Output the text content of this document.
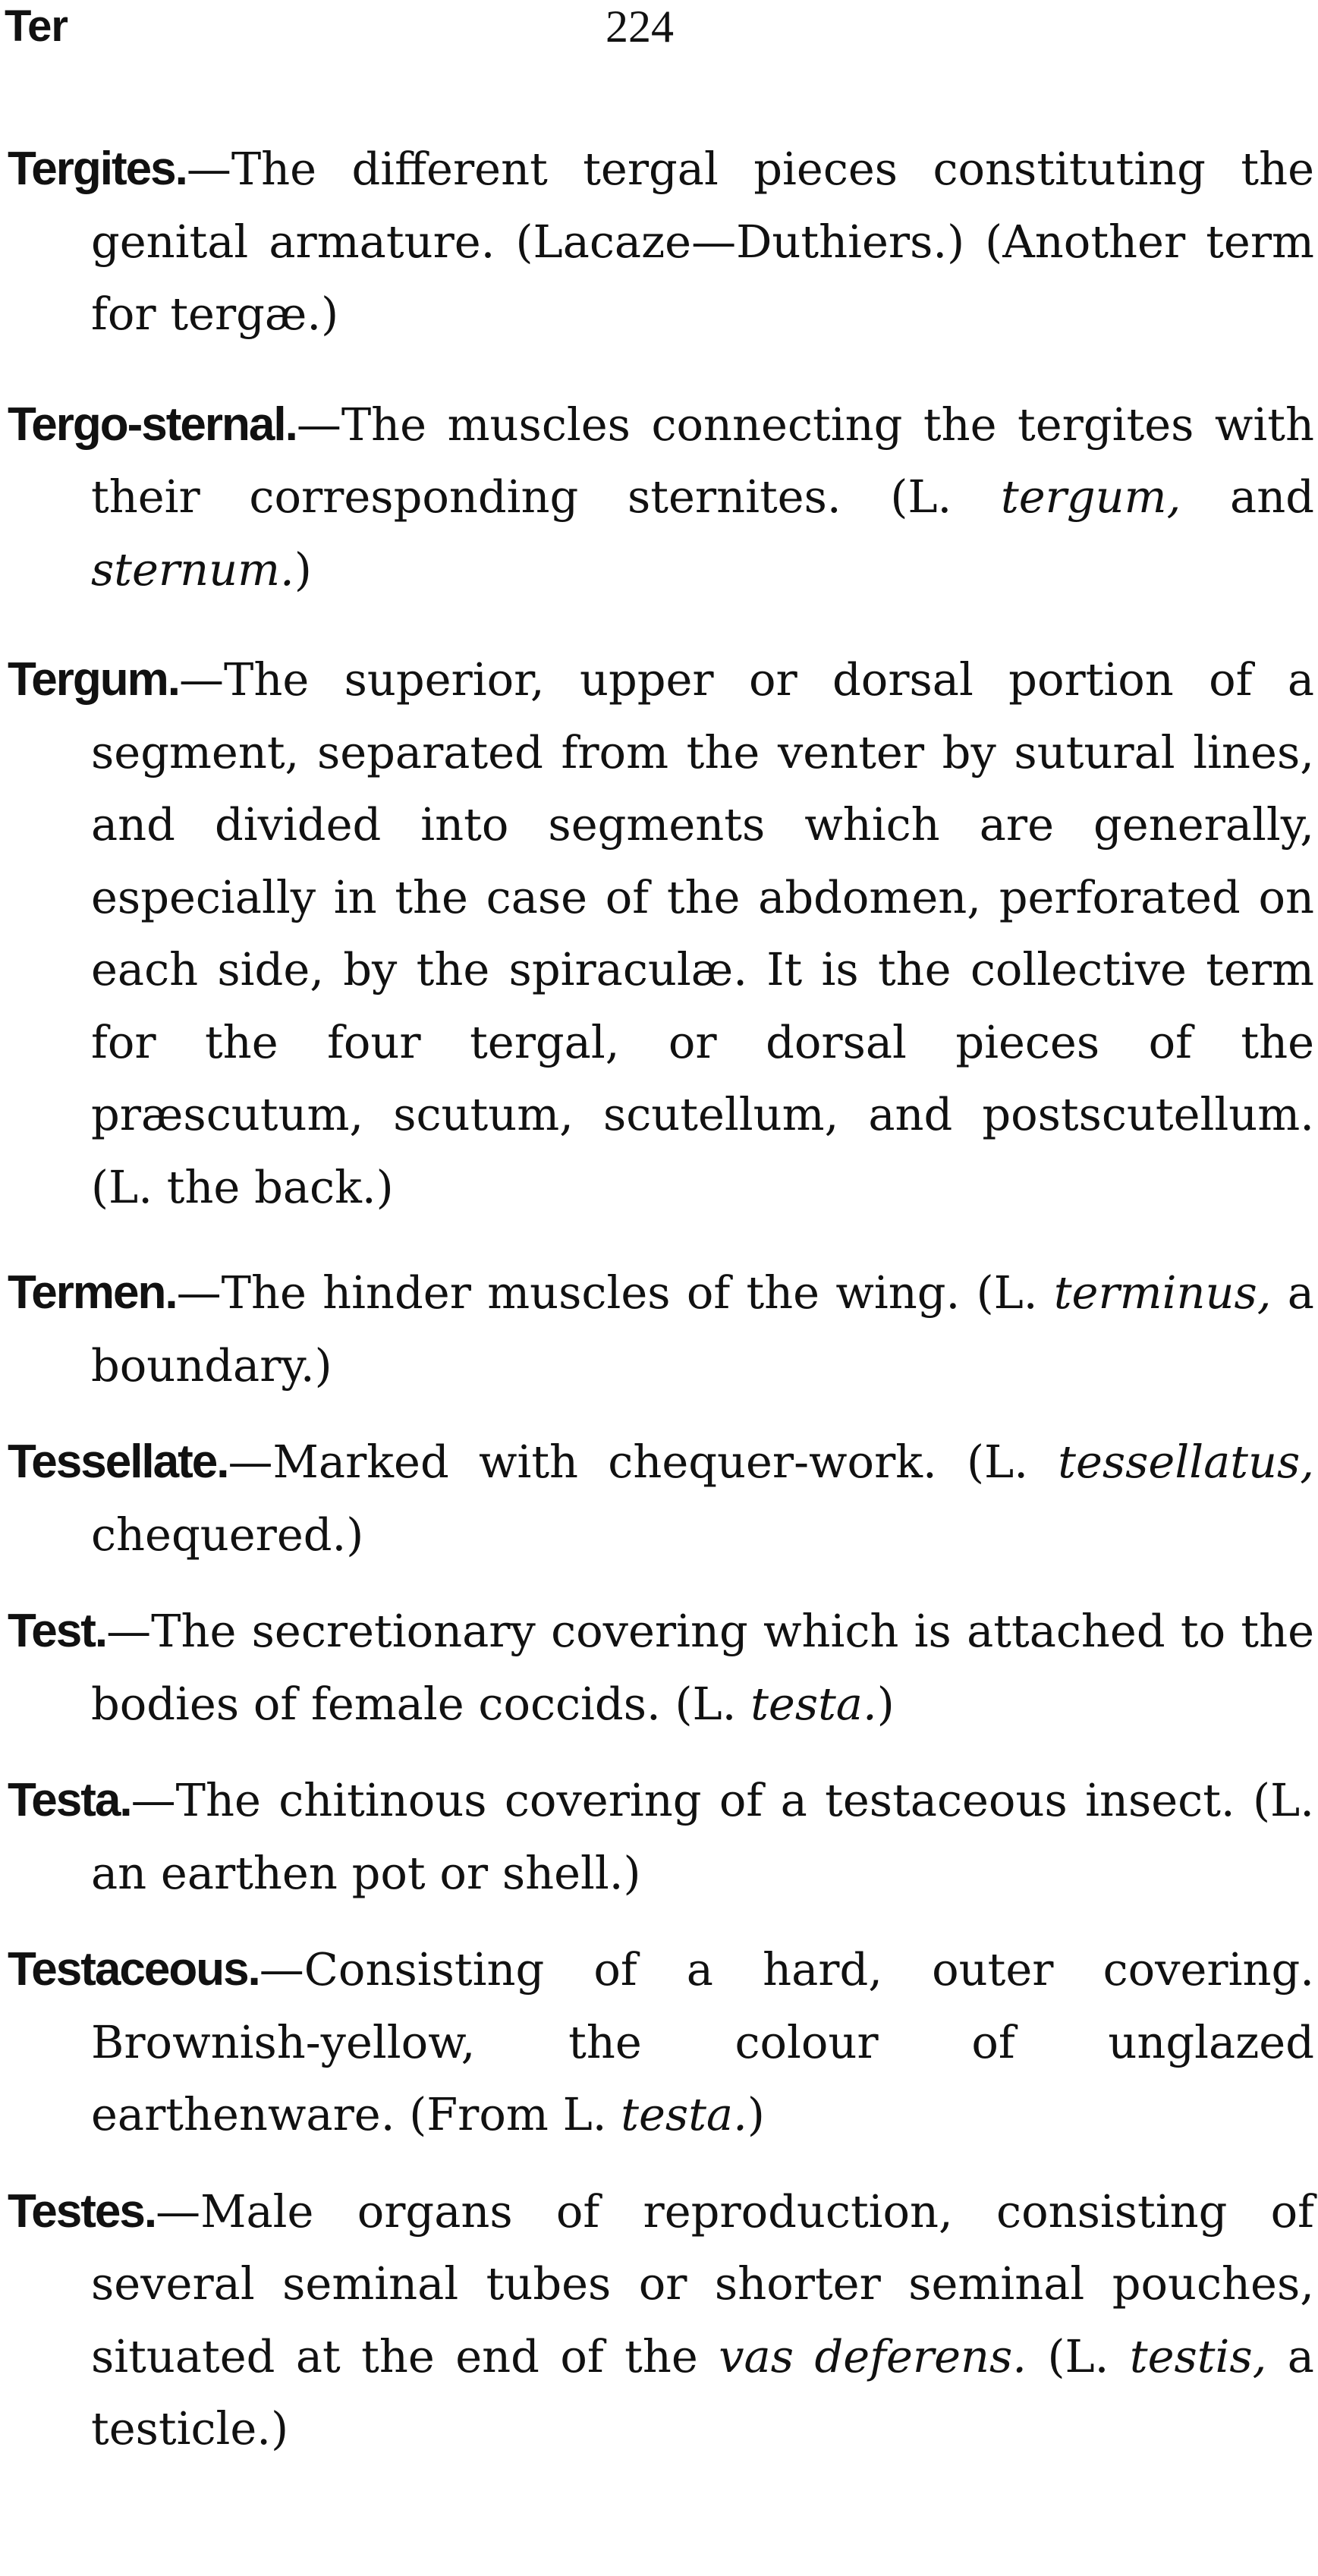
Ter	224

Tergites.—The different tergal pieces constituting the genital armature. (Lacaze—Duthiers.) (Another term for tergæ.)

Tergo-sternal.—The muscles connecting the tergites with their corresponding sternites. (L. tergum, and sternum.)

Tergum.—The superior, upper or dorsal portion of a segment, separated from the venter by sutural lines, and divided into segments which are generally, especially in the case of the abdomen, perforated on each side, by the spiraculæ. It is the collective term for the four tergal, or dorsal pieces of the præscutum, scutum, scutellum, and postscutellum. (L. the back.)

Termen.—The hinder muscles of the wing. (L. terminus, a boundary.)

Tessellate.—Marked with chequer-work. (L. tessellatus, chequered.)

Test.—The secretionary covering which is attached to the bodies of female coccids. (L. testa.)

Testa.—The chitinous covering of a testaceous insect. (L. an earthen pot or shell.)

Testaceous.—Consisting of a hard, outer covering. Brownish-yellow, the colour of unglazed earthenware. (From L. testa.)

Testes.—Male organs of reproduction, consisting of several seminal tubes or shorter seminal pouches, situated at the end of the vas deferens. (L. testis, a testicle.)
